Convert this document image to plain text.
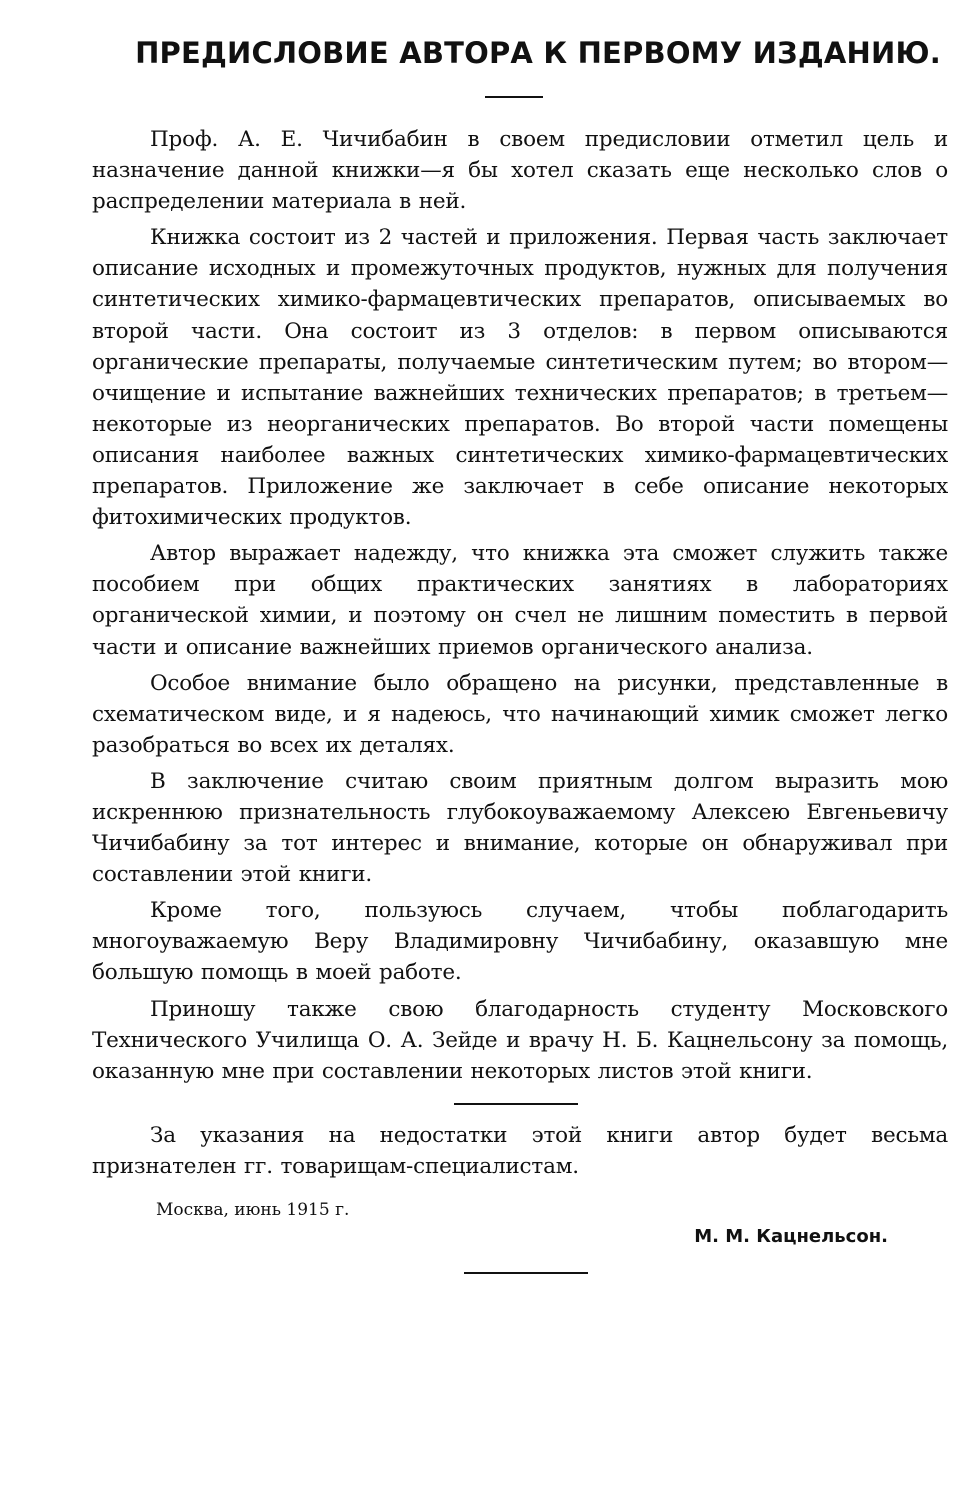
ПРЕДИСЛОВИЕ АВТОРА К ПЕРВОМУ ИЗДАНИЮ.

Проф. А. Е. Чичибабин в своем предисловии отметил цель и назначение данной книжки—я бы хотел сказать еще несколько слов о распределении материала в ней.

Книжка состоит из 2 частей и приложения. Первая часть заключает описание исходных и промежуточных продуктов, нужных для получения синтетических химико-фармацевтических препаратов, описываемых во второй части. Она состоит из 3 отделов: в первом описываются органические препараты, получаемые синтетическим путем; во втором—очищение и испытание важнейших технических препаратов; в третьем—некоторые из неорганических препаратов. Во второй части помещены описания наиболее важных синтетических химико-фармацевтических препаратов. Приложение же заключает в себе описание некоторых фитохимических продуктов.

Автор выражает надежду, что книжка эта сможет служить также пособием при общих практических занятиях в лабораториях органической химии, и поэтому он счел не лишним поместить в первой части и описание важнейших приемов органического анализа.

Особое внимание было обращено на рисунки, представленные в схематическом виде, и я надеюсь, что начинающий химик сможет легко разобраться во всех их деталях.

В заключение считаю своим приятным долгом выразить мою искреннюю признательность глубокоуважаемому Алексею Евгеньевичу Чичибабину за тот интерес и внимание, которые он обнаруживал при составлении этой книги.

Кроме того, пользуюсь случаем, чтобы поблагодарить многоуважаемую Веру Владимировну Чичибабину, оказавшую мне большую помощь в моей работе.

Приношу также свою благодарность студенту Московского Технического Училища О. А. Зейде и врачу Н. Б. Кацнельсону за помощь, оказанную мне при составлении некоторых листов этой книги.

За указания на недостатки этой книги автор будет весьма признателен гг. товарищам-специалистам.

Москва, июнь 1915 г.
М. М. Кацнельсон.
